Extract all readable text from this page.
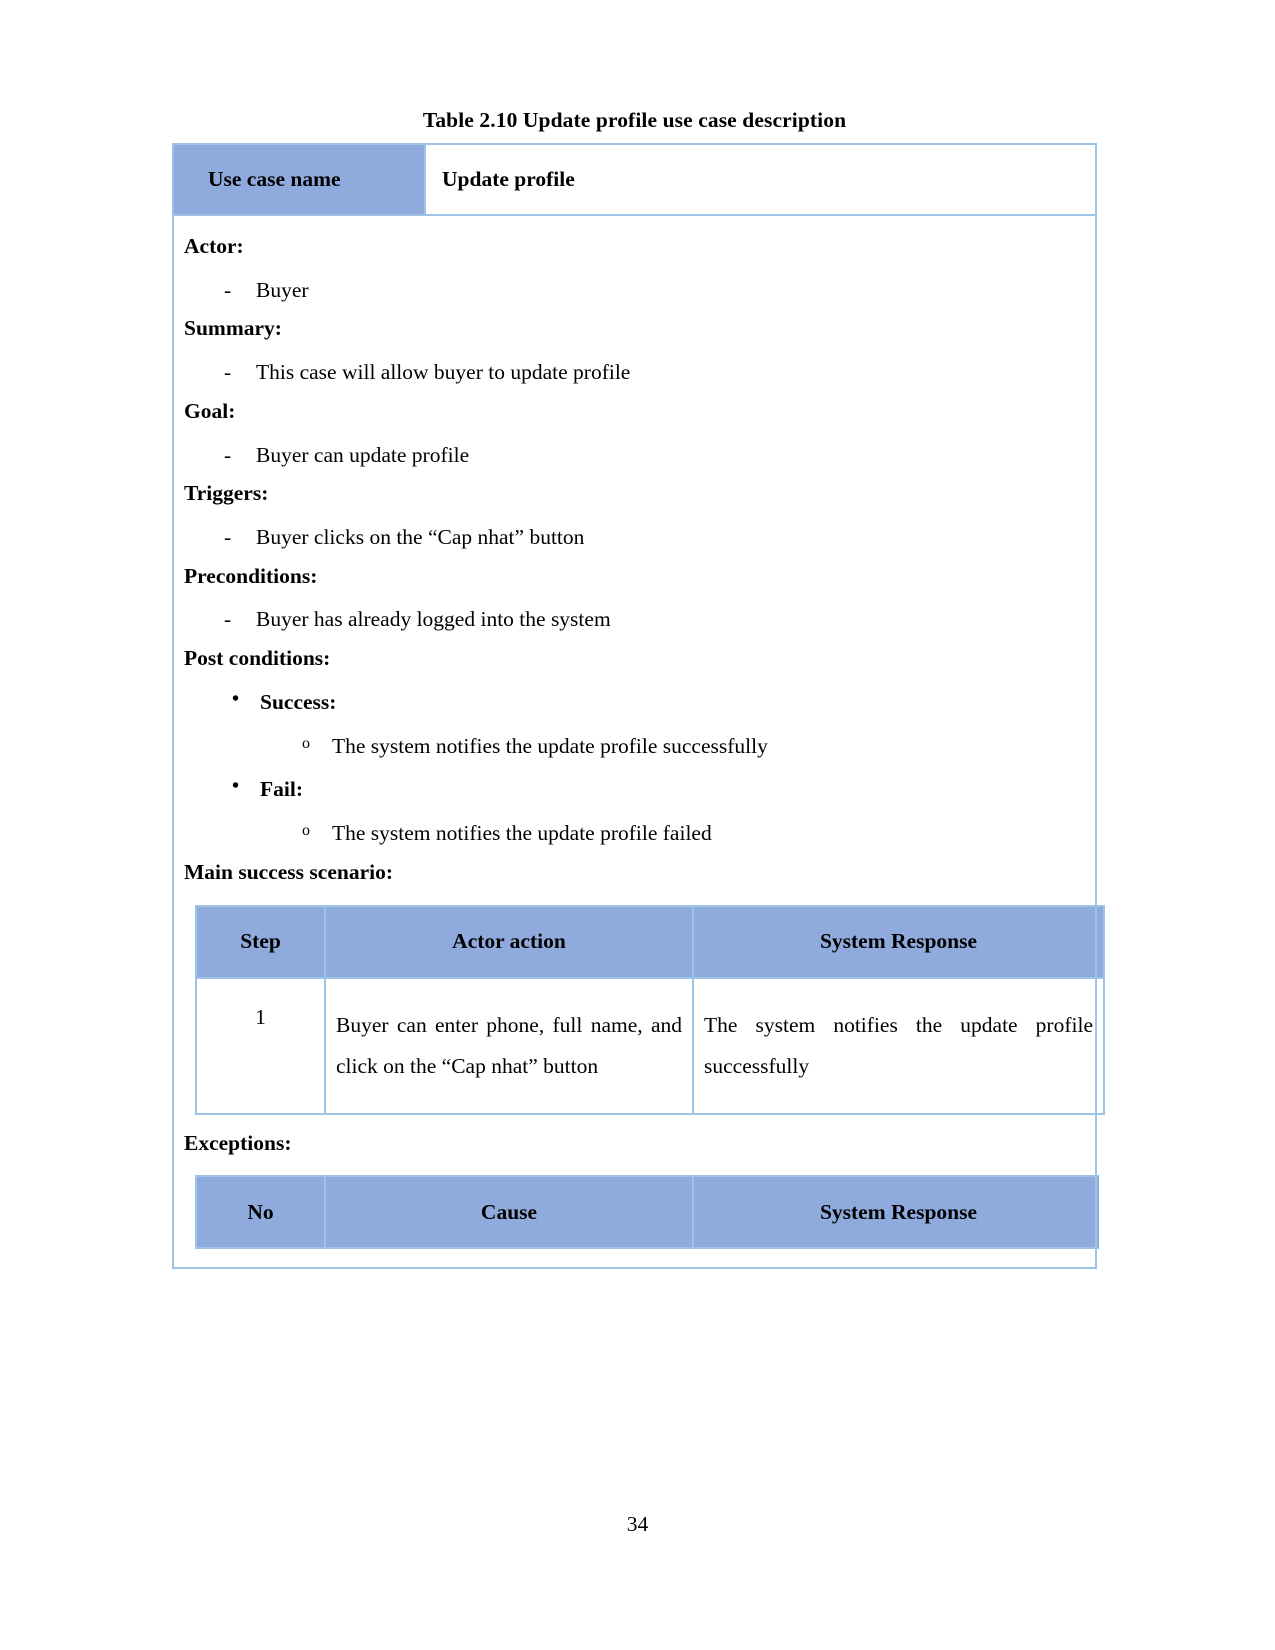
Table 2.10 Update profile use case description
Use case name	Update profile

Actor:
- Buyer
Summary:
- This case will allow buyer to update profile
Goal:
- Buyer can update profile
Triggers:
- Buyer clicks on the “Cap nhat” button
Preconditions:
- Buyer has already logged into the system
Post conditions:
• Success:
o The system notifies the update profile successfully
• Fail:
o The system notifies the update profile failed
Main success scenario:
Step	Actor action	System Response
1	Buyer can enter phone, full name, and click on the “Cap nhat” button	The system notifies the update profile successfully
Exceptions:
No	Cause	System Response
34
